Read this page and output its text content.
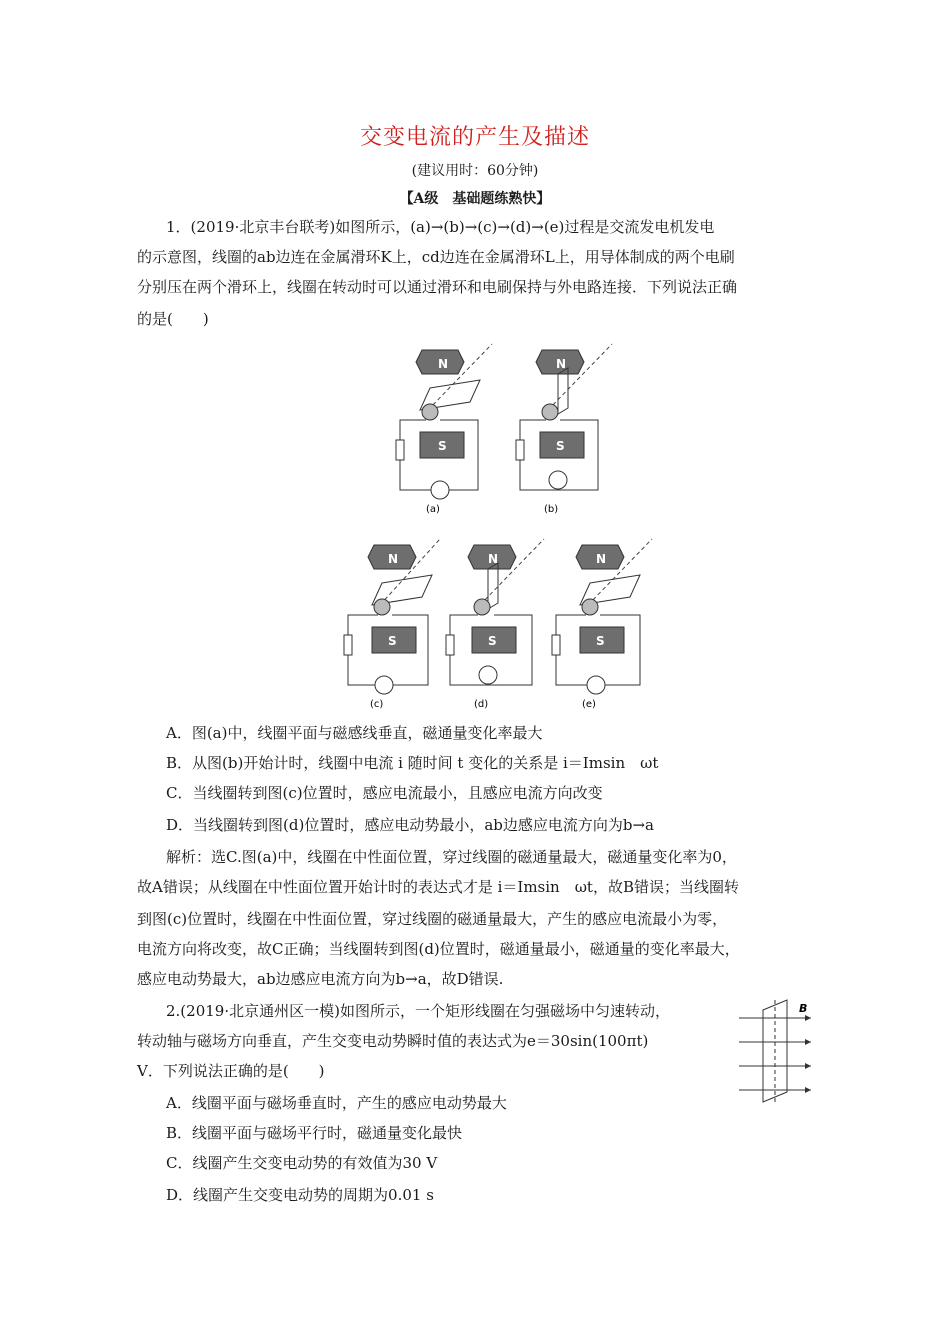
交变电流的产生及描述
(建议用时：60分钟)
【A级　基础题练熟快】
1．(2019·北京丰台联考)如图所示，(a)→(b)→(c)→(d)→(e)过程是交流发电机发电
的示意图，线圈的ab边连在金属滑环K上，cd边连在金属滑环L上，用导体制成的两个电刷
分别压在两个滑环上，线圈在转动时可以通过滑环和电刷保持与外电路连接．下列说法正确
的是(　　)
N
S
(a)
N
S
(b)
N
S
(c)
N
S
(d)
N
S
(e)
A．图(a)中，线圈平面与磁感线垂直，磁通量变化率最大
B．从图(b)开始计时，线圈中电流 i 随时间 t 变化的关系是 i＝Imsin　ωt
C．当线圈转到图(c)位置时，感应电流最小，且感应电流方向改变
D．当线圈转到图(d)位置时，感应电动势最小，ab边感应电流方向为b→a
解析：选C.图(a)中，线圈在中性面位置，穿过线圈的磁通量最大，磁通量变化率为0，
故A错误；从线圈在中性面位置开始计时的表达式才是 i＝Imsin　ωt，故B错误；当线圈转
到图(c)位置时，线圈在中性面位置，穿过线圈的磁通量最大，产生的感应电流最小为零，
电流方向将改变，故C正确；当线圈转到图(d)位置时，磁通量最小，磁通量的变化率最大，
感应电动势最大，ab边感应电流方向为b→a，故D错误.
2.(2019·北京通州区一模)如图所示，一个矩形线圈在匀强磁场中匀速转动，
转动轴与磁场方向垂直，产生交变电动势瞬时值的表达式为e＝30sin(100πt)
V．下列说法正确的是(　　)
B
A．线圈平面与磁场垂直时，产生的感应电动势最大
B．线圈平面与磁场平行时，磁通量变化最快
C．线圈产生交变电动势的有效值为30 V
D．线圈产生交变电动势的周期为0.01 s
